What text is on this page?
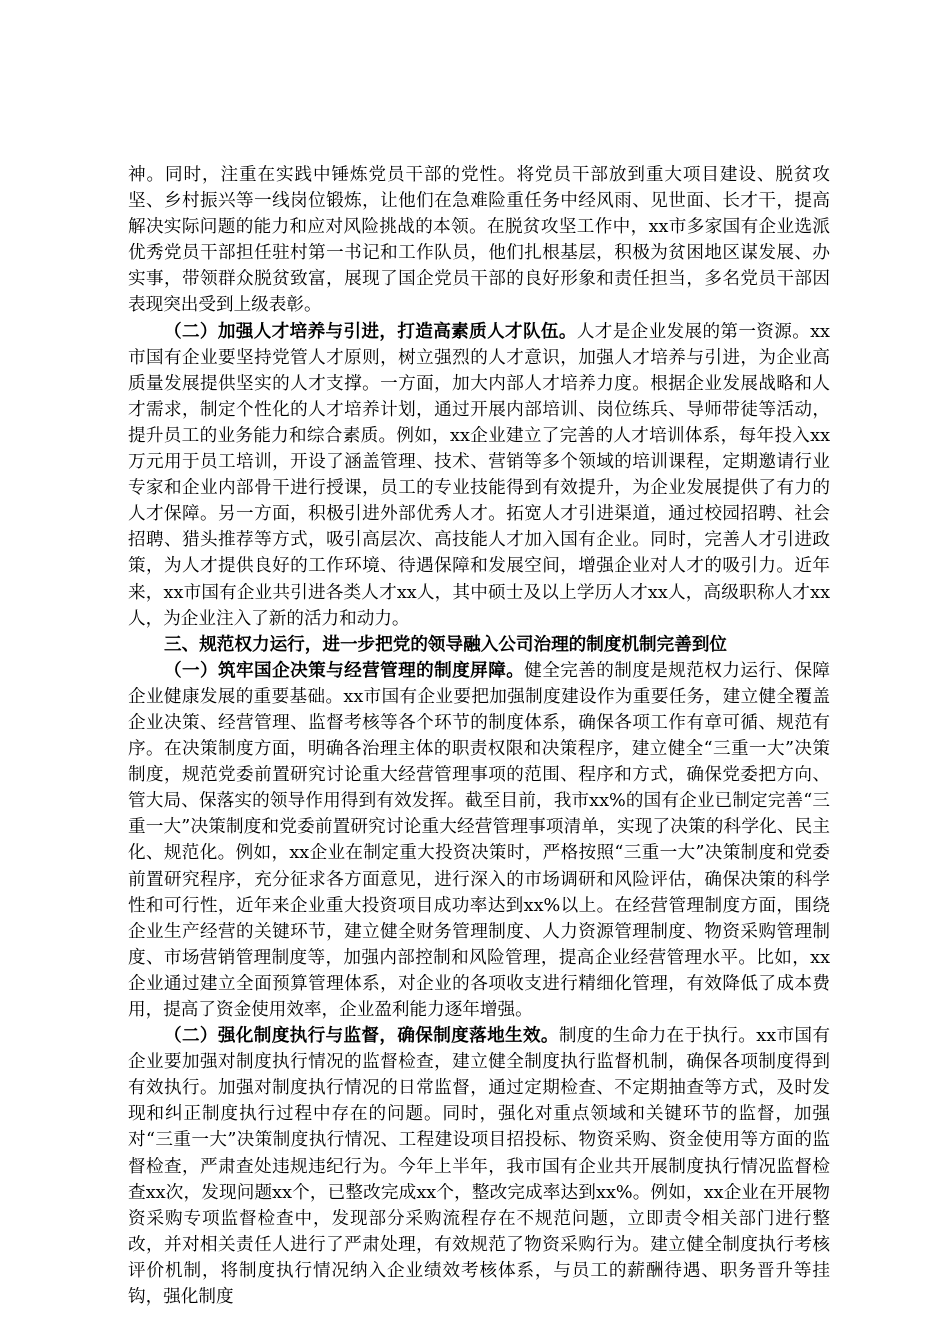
神。同时，注重在实践中锤炼党员干部的党性。将党员干部放到重大项目建设、脱贫攻坚、乡村振兴等一线岗位锻炼，让他们在急难险重任务中经风雨、见世面、长才干，提高解决实际问题的能力和应对风险挑战的本领。在脱贫攻坚工作中，xx市多家国有企业选派优秀党员干部担任驻村第一书记和工作队员，他们扎根基层，积极为贫困地区谋发展、办实事，带领群众脱贫致富，展现了国企党员干部的良好形象和责任担当，多名党员干部因表现突出受到上级表彰。

（二）加强人才培养与引进，打造高素质人才队伍。人才是企业发展的第一资源。xx市国有企业要坚持党管人才原则，树立强烈的人才意识，加强人才培养与引进，为企业高质量发展提供坚实的人才支撑。一方面，加大内部人才培养力度。根据企业发展战略和人才需求，制定个性化的人才培养计划，通过开展内部培训、岗位练兵、导师带徒等活动，提升员工的业务能力和综合素质。例如，xx企业建立了完善的人才培训体系，每年投入xx万元用于员工培训，开设了涵盖管理、技术、营销等多个领域的培训课程，定期邀请行业专家和企业内部骨干进行授课，员工的专业技能得到有效提升，为企业发展提供了有力的人才保障。另一方面，积极引进外部优秀人才。拓宽人才引进渠道，通过校园招聘、社会招聘、猎头推荐等方式，吸引高层次、高技能人才加入国有企业。同时，完善人才引进政策，为人才提供良好的工作环境、待遇保障和发展空间，增强企业对人才的吸引力。近年来，xx市国有企业共引进各类人才xx人，其中硕士及以上学历人才xx人，高级职称人才xx人，为企业注入了新的活力和动力。

三、规范权力运行，进一步把党的领导融入公司治理的制度机制完善到位

（一）筑牢国企决策与经营管理的制度屏障。健全完善的制度是规范权力运行、保障企业健康发展的重要基础。xx市国有企业要把加强制度建设作为重要任务，建立健全覆盖企业决策、经营管理、监督考核等各个环节的制度体系，确保各项工作有章可循、规范有序。在决策制度方面，明确各治理主体的职责权限和决策程序，建立健全“三重一大”决策制度，规范党委前置研究讨论重大经营管理事项的范围、程序和方式，确保党委把方向、管大局、保落实的领导作用得到有效发挥。截至目前，我市xx%的国有企业已制定完善“三重一大”决策制度和党委前置研究讨论重大经营管理事项清单，实现了决策的科学化、民主化、规范化。例如，xx企业在制定重大投资决策时，严格按照“三重一大”决策制度和党委前置研究程序，充分征求各方面意见，进行深入的市场调研和风险评估，确保决策的科学性和可行性，近年来企业重大投资项目成功率达到xx%以上。在经营管理制度方面，围绕企业生产经营的关键环节，建立健全财务管理制度、人力资源管理制度、物资采购管理制度、市场营销管理制度等，加强内部控制和风险管理，提高企业经营管理水平。比如，xx企业通过建立全面预算管理体系，对企业的各项收支进行精细化管理，有效降低了成本费用，提高了资金使用效率，企业盈利能力逐年增强。

（二）强化制度执行与监督，确保制度落地生效。制度的生命力在于执行。xx市国有企业要加强对制度执行情况的监督检查，建立健全制度执行监督机制，确保各项制度得到有效执行。加强对制度执行情况的日常监督，通过定期检查、不定期抽查等方式，及时发现和纠正制度执行过程中存在的问题。同时，强化对重点领域和关键环节的监督，加强对“三重一大”决策制度执行情况、工程建设项目招投标、物资采购、资金使用等方面的监督检查，严肃查处违规违纪行为。今年上半年，我市国有企业共开展制度执行情况监督检查xx次，发现问题xx个，已整改完成xx个，整改完成率达到xx%。例如，xx企业在开展物资采购专项监督检查中，发现部分采购流程存在不规范问题，立即责令相关部门进行整改，并对相关责任人进行了严肃处理，有效规范了物资采购行为。建立健全制度执行考核评价机制，将制度执行情况纳入企业绩效考核体系，与员工的薪酬待遇、职务晋升等挂钩，强化制度
